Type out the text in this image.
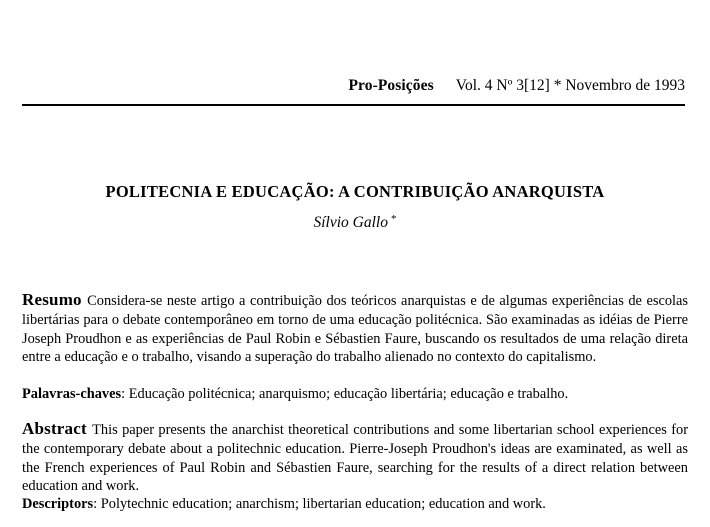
Pro-Posições Vol. 4 Nº 3[12] * Novembro de 1993
POLITECNIA E EDUCAÇÃO: A CONTRIBUIÇÃO ANARQUISTA
Sílvio Gallo *

Resumo Considera-se neste artigo a contribuição dos teóricos anarquistas e de algumas experiências de escolas libertárias para o debate contemporâneo em torno de uma educação politécnica. São examinadas as idéias de Pierre Joseph Proudhon e as experiências de Paul Robin e Sébastien Faure, buscando os resultados de uma relação direta entre a educação e o trabalho, visando a superação do trabalho alienado no contexto do capitalismo.

Palavras-chaves: Educação politécnica; anarquismo; educação libertária; educação e trabalho.

Abstract This paper presents the anarchist theoretical contributions and some libertarian school experiences for the contemporary debate about a politechnic education. Pierre-Joseph Proudhon's ideas are examinated, as well as the French experiences of Paul Robin and Sébastien Faure, searching for the results of a direct relation between education and work.

Descriptors: Polytechnic education; anarchism; libertarian education; education and work.
